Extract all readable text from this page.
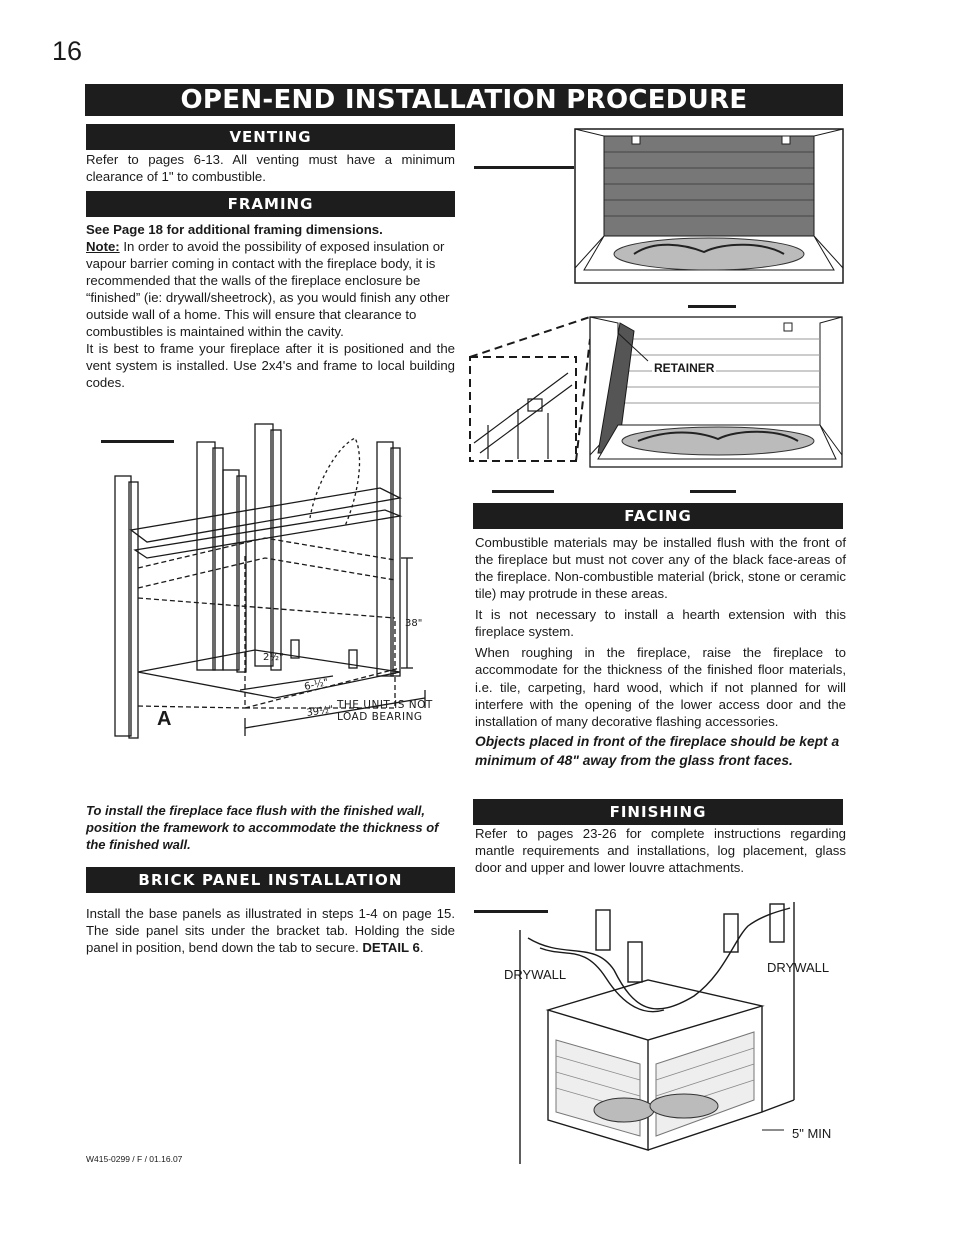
16
OPEN-END INSTALLATION PROCEDURE
VENTING
Refer to pages 6-13. All venting must have a minimum clearance of 1" to combustible.
FRAMING

See Page 18 for additional framing dimensions.
Note: In order to avoid the possibility of exposed insulation or vapour barrier coming in contact with the fireplace body, it is recommended that the walls of the fireplace enclosure be “finished” (ie: drywall/sheetrock), as you would finish any other outside wall of a home. This will ensure that clearance to combustibles is maintained within the cavity.

It is best to frame your fireplace after it is positioned and the vent system is installed. Use 2x4's and frame to local building codes.

38"
2½"
6-½"
39½"
A
THE UNIT IS NOT LOAD BEARING
To install the fireplace face flush with the finished wall, position the framework to accommodate the thickness of the finished wall.
BRICK PANEL INSTALLATION
Install the base panels as illustrated in steps 1-4 on page 15. The side panel sits under the bracket tab. Holding the side panel in position, bend down the tab to secure. DETAIL 6.
RETAINER
FACING

Combustible materials may be installed flush with the front of the fireplace but must not cover any of the black face-areas of the fireplace. Non-combustible material (brick, stone or ceramic tile) may protrude in these areas.

It is not necessary to install a hearth extension with this fireplace system.

When roughing in the fireplace, raise the fireplace to accommodate for the thickness of the finished floor materials, i.e. tile, carpeting, hard wood, which if not planned for will interfere with the opening of the lower access door and the installation of many decorative flashing accessories.

Objects placed in front of the fireplace should be kept a minimum of 48" away from the glass front faces.
FINISHING
Refer to pages 23-26 for complete instructions regarding mantle requirements and installations, log placement, glass door and upper and lower louvre attachments.
DRYWALL	DRYWALL
5" MIN
W415-0299 / F / 01.16.07
